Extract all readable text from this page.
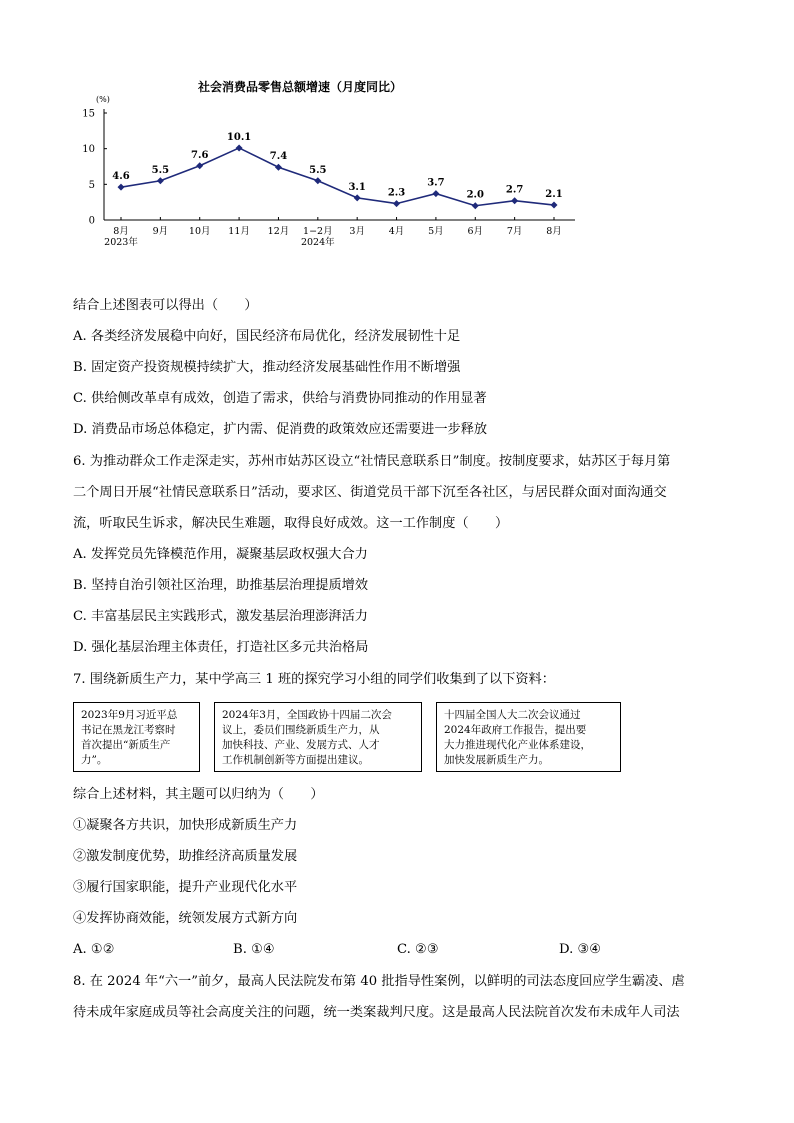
社会消费品零售总额增速（月度同比）
(%)
0
5
10
15
8月	9月 10月 11月 12月 1−2月 3月	4月	5月	6月	7月	8月
2023年	2024年
4.6
5.5
7.6
10.1
7.4
5.5
3.1
2.3
3.7
2.0 2.7 2.1
结合上述图表可以得出（　　）
A. 各类经济发展稳中向好，国民经济布局优化，经济发展韧性十足
B. 固定资产投资规模持续扩大，推动经济发展基础性作用不断增强
C. 供给侧改革卓有成效，创造了需求，供给与消费协同推动的作用显著
D. 消费品市场总体稳定，扩内需、促消费的政策效应还需要进一步释放
6. 为推动群众工作走深走实，苏州市姑苏区设立“社情民意联系日”制度。按制度要求，姑苏区于每月第
二个周日开展“社情民意联系日”活动，要求区、街道党员干部下沉至各社区，与居民群众面对面沟通交
流，听取民生诉求，解决民生难题，取得良好成效。这一工作制度（　　）
A. 发挥党员先锋模范作用，凝聚基层政权强大合力
B. 坚持自治引领社区治理，助推基层治理提质增效
C. 丰富基层民主实践形式，激发基层治理澎湃活力
D. 强化基层治理主体责任，打造社区多元共治格局
7. 围绕新质生产力，某中学高三 1 班的探究学习小组的同学们收集到了以下资料：
2023年9月习近平总
书记在黑龙江考察时
首次提出“新质生产
力”。
2024年3月，全国政协十四届二次会
议上，委员们围绕新质生产力，从
加快科技、产业、发展方式、人才
工作机制创新等方面提出建议。
十四届全国人大二次会议通过
2024年政府工作报告，提出要
大力推进现代化产业体系建设，
加快发展新质生产力。
综合上述材料，其主题可以归纳为（　　）
①凝聚各方共识，加快形成新质生产力
②激发制度优势，助推经济高质量发展
③履行国家职能，提升产业现代化水平
④发挥协商效能，统领发展方式新方向
A. ①②	B. ①④	C. ②③	D. ③④
8. 在 2024 年“六一”前夕，最高人民法院发布第 40 批指导性案例，以鲜明的司法态度回应学生霸凌、虐
待未成年家庭成员等社会高度关注的问题，统一类案裁判尺度。这是最高人民法院首次发布未成年人司法
